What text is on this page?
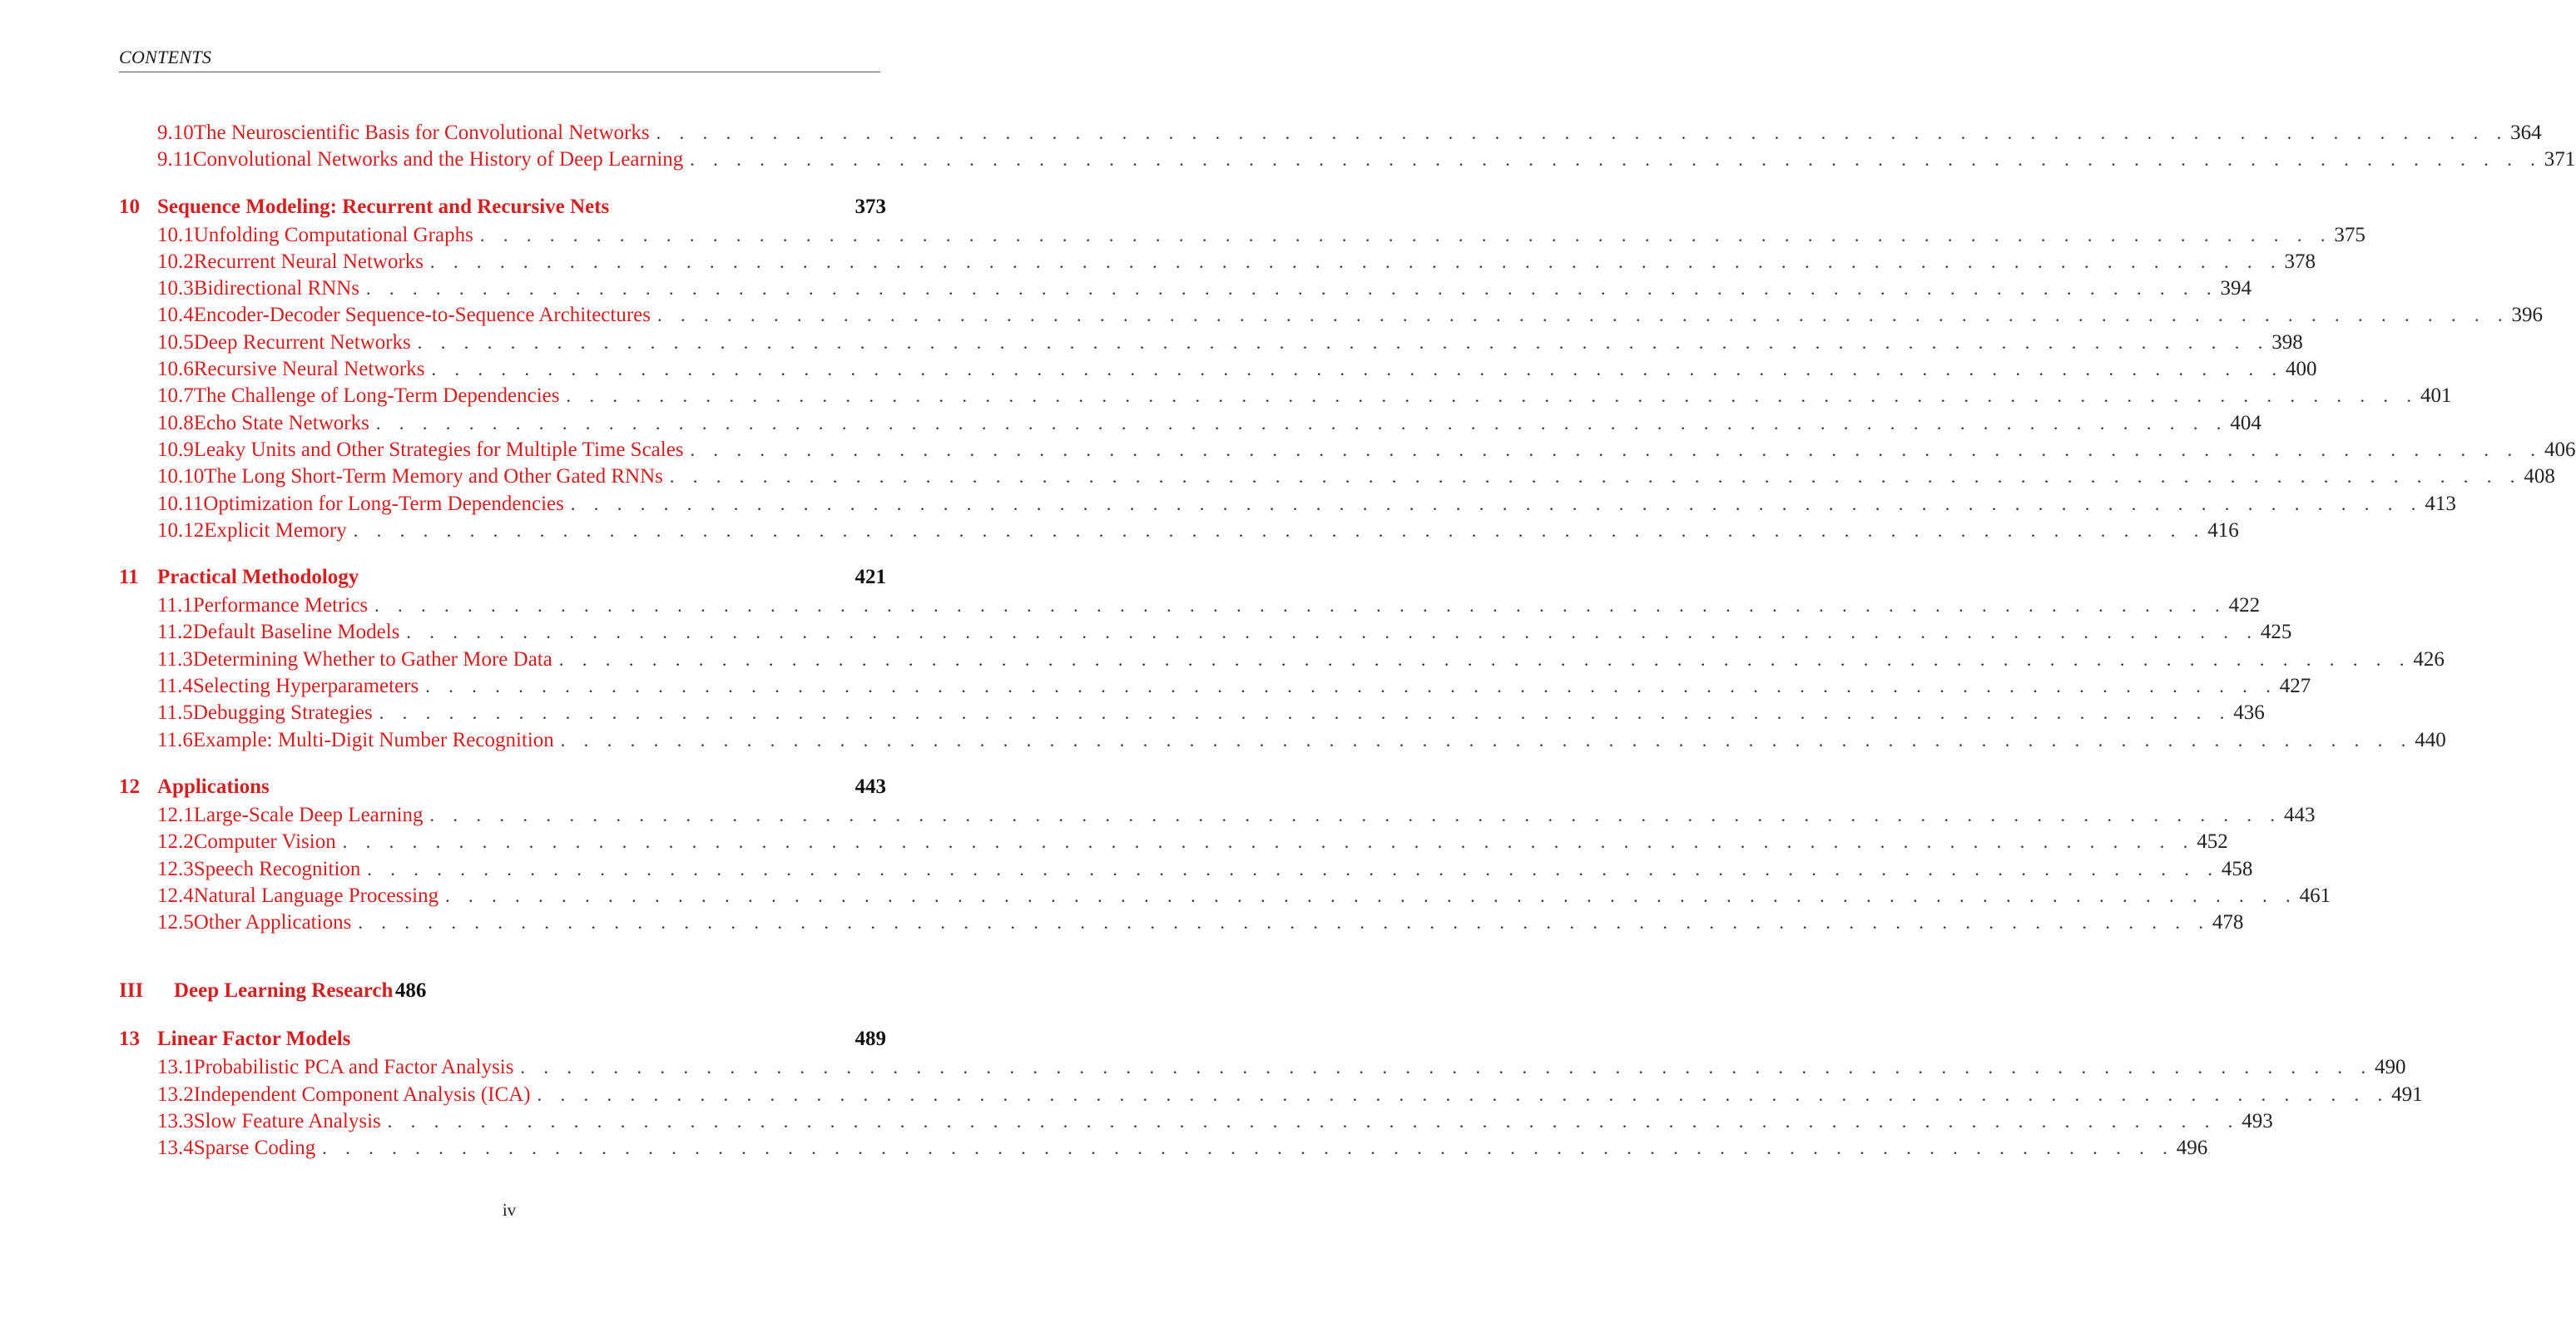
CONTENTS
9.10 The Neuroscientific Basis for Convolutional Networks . . . . . . . . . . . . . . . . . . . . . . . . . . . . . . . . . . . . . . . . . . . . . . . . . . . . . . . . . . . . . . . . . . . . . . . . . . . . . . . . 364
9.11 Convolutional Networks and the History of Deep Learning . . . . . . . . . . . . . . . . . . . . . . . . . . . . . . . . . . . . . . . . . . . . . . . . . . . . . . . . . . . . . . . . . . . . . . . . . . . . . . . . 371
10 Sequence Modeling: Recurrent and Recursive Nets	373
10.1 Unfolding Computational Graphs . . . . . . . . . . . . . . . . . . . . . . . . . . . . . . . . . . . . . . . . . . . . . . . . . . . . . . . . . . . . . . . . . . . . . . . . . . . . . . . . 375
10.2 Recurrent Neural Networks . . . . . . . . . . . . . . . . . . . . . . . . . . . . . . . . . . . . . . . . . . . . . . . . . . . . . . . . . . . . . . . . . . . . . . . . . . . . . . . . 378
10.3 Bidirectional RNNs . . . . . . . . . . . . . . . . . . . . . . . . . . . . . . . . . . . . . . . . . . . . . . . . . . . . . . . . . . . . . . . . . . . . . . . . . . . . . . . . 394
10.4 Encoder-Decoder Sequence-to-Sequence Architectures . . . . . . . . . . . . . . . . . . . . . . . . . . . . . . . . . . . . . . . . . . . . . . . . . . . . . . . . . . . . . . . . . . . . . . . . . . . . . . . . 396
10.5 Deep Recurrent Networks . . . . . . . . . . . . . . . . . . . . . . . . . . . . . . . . . . . . . . . . . . . . . . . . . . . . . . . . . . . . . . . . . . . . . . . . . . . . . . . . 398
10.6 Recursive Neural Networks . . . . . . . . . . . . . . . . . . . . . . . . . . . . . . . . . . . . . . . . . . . . . . . . . . . . . . . . . . . . . . . . . . . . . . . . . . . . . . . . 400
10.7 The Challenge of Long-Term Dependencies . . . . . . . . . . . . . . . . . . . . . . . . . . . . . . . . . . . . . . . . . . . . . . . . . . . . . . . . . . . . . . . . . . . . . . . . . . . . . . . . 401
10.8 Echo State Networks . . . . . . . . . . . . . . . . . . . . . . . . . . . . . . . . . . . . . . . . . . . . . . . . . . . . . . . . . . . . . . . . . . . . . . . . . . . . . . . . 404
10.9 Leaky Units and Other Strategies for Multiple Time Scales . . . . . . . . . . . . . . . . . . . . . . . . . . . . . . . . . . . . . . . . . . . . . . . . . . . . . . . . . . . . . . . . . . . . . . . . . . . . . . . . 406
10.10 The Long Short-Term Memory and Other Gated RNNs . . . . . . . . . . . . . . . . . . . . . . . . . . . . . . . . . . . . . . . . . . . . . . . . . . . . . . . . . . . . . . . . . . . . . . . . . . . . . . . . 408
10.11 Optimization for Long-Term Dependencies . . . . . . . . . . . . . . . . . . . . . . . . . . . . . . . . . . . . . . . . . . . . . . . . . . . . . . . . . . . . . . . . . . . . . . . . . . . . . . . . 413
10.12 Explicit Memory . . . . . . . . . . . . . . . . . . . . . . . . . . . . . . . . . . . . . . . . . . . . . . . . . . . . . . . . . . . . . . . . . . . . . . . . . . . . . . . . 416
11 Practical Methodology	421
11.1 Performance Metrics . . . . . . . . . . . . . . . . . . . . . . . . . . . . . . . . . . . . . . . . . . . . . . . . . . . . . . . . . . . . . . . . . . . . . . . . . . . . . . . . 422
11.2 Default Baseline Models . . . . . . . . . . . . . . . . . . . . . . . . . . . . . . . . . . . . . . . . . . . . . . . . . . . . . . . . . . . . . . . . . . . . . . . . . . . . . . . . 425
11.3 Determining Whether to Gather More Data . . . . . . . . . . . . . . . . . . . . . . . . . . . . . . . . . . . . . . . . . . . . . . . . . . . . . . . . . . . . . . . . . . . . . . . . . . . . . . . . 426
11.4 Selecting Hyperparameters . . . . . . . . . . . . . . . . . . . . . . . . . . . . . . . . . . . . . . . . . . . . . . . . . . . . . . . . . . . . . . . . . . . . . . . . . . . . . . . . 427
11.5 Debugging Strategies . . . . . . . . . . . . . . . . . . . . . . . . . . . . . . . . . . . . . . . . . . . . . . . . . . . . . . . . . . . . . . . . . . . . . . . . . . . . . . . . 436
11.6 Example: Multi-Digit Number Recognition . . . . . . . . . . . . . . . . . . . . . . . . . . . . . . . . . . . . . . . . . . . . . . . . . . . . . . . . . . . . . . . . . . . . . . . . . . . . . . . . 440
12 Applications	443
12.1 Large-Scale Deep Learning . . . . . . . . . . . . . . . . . . . . . . . . . . . . . . . . . . . . . . . . . . . . . . . . . . . . . . . . . . . . . . . . . . . . . . . . . . . . . . . . 443
12.2 Computer Vision . . . . . . . . . . . . . . . . . . . . . . . . . . . . . . . . . . . . . . . . . . . . . . . . . . . . . . . . . . . . . . . . . . . . . . . . . . . . . . . . 452
12.3 Speech Recognition . . . . . . . . . . . . . . . . . . . . . . . . . . . . . . . . . . . . . . . . . . . . . . . . . . . . . . . . . . . . . . . . . . . . . . . . . . . . . . . . 458
12.4 Natural Language Processing . . . . . . . . . . . . . . . . . . . . . . . . . . . . . . . . . . . . . . . . . . . . . . . . . . . . . . . . . . . . . . . . . . . . . . . . . . . . . . . . 461
12.5 Other Applications . . . . . . . . . . . . . . . . . . . . . . . . . . . . . . . . . . . . . . . . . . . . . . . . . . . . . . . . . . . . . . . . . . . . . . . . . . . . . . . . 478
III	Deep Learning Research 486
13 Linear Factor Models	489
13.1 Probabilistic PCA and Factor Analysis . . . . . . . . . . . . . . . . . . . . . . . . . . . . . . . . . . . . . . . . . . . . . . . . . . . . . . . . . . . . . . . . . . . . . . . . . . . . . . . . 490
13.2 Independent Component Analysis (ICA) . . . . . . . . . . . . . . . . . . . . . . . . . . . . . . . . . . . . . . . . . . . . . . . . . . . . . . . . . . . . . . . . . . . . . . . . . . . . . . . . 491
13.3 Slow Feature Analysis . . . . . . . . . . . . . . . . . . . . . . . . . . . . . . . . . . . . . . . . . . . . . . . . . . . . . . . . . . . . . . . . . . . . . . . . . . . . . . . . 493
13.4 Sparse Coding . . . . . . . . . . . . . . . . . . . . . . . . . . . . . . . . . . . . . . . . . . . . . . . . . . . . . . . . . . . . . . . . . . . . . . . . . . . . . . . . 496
iv
